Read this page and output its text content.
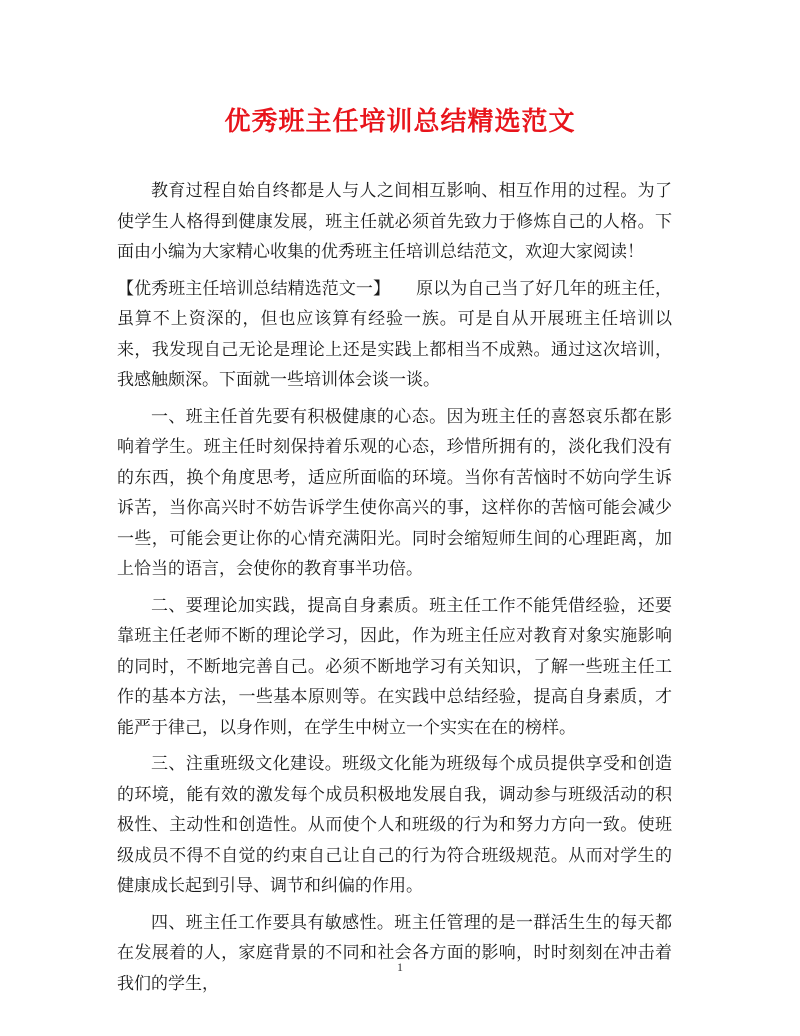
优秀班主任培训总结精选范文

教育过程自始自终都是人与人之间相互影响、相互作用的过程。为了使学生人格得到健康发展，班主任就必须首先致力于修炼自己的人格。下面由小编为大家精心收集的优秀班主任培训总结范文，欢迎大家阅读！

【优秀班主任培训总结精选范文一】 原以为自己当了好几年的班主任，虽算不上资深的，但也应该算有经验一族。可是自从开展班主任培训以来，我发现自己无论是理论上还是实践上都相当不成熟。通过这次培训，我感触颇深。下面就一些培训体会谈一谈。

一、班主任首先要有积极健康的心态。因为班主任的喜怒哀乐都在影响着学生。班主任时刻保持着乐观的心态，珍惜所拥有的，淡化我们没有的东西，换个角度思考，适应所面临的环境。当你有苦恼时不妨向学生诉诉苦，当你高兴时不妨告诉学生使你高兴的事，这样你的苦恼可能会减少一些，可能会更让你的心情充满阳光。同时会缩短师生间的心理距离，加上恰当的语言，会使你的教育事半功倍。

二、要理论加实践，提高自身素质。班主任工作不能凭借经验，还要靠班主任老师不断的理论学习，因此，作为班主任应对教育对象实施影响的同时，不断地完善自己。必须不断地学习有关知识，了解一些班主任工作的基本方法，一些基本原则等。在实践中总结经验，提高自身素质，才能严于律己，以身作则，在学生中树立一个实实在在的榜样。

三、注重班级文化建设。班级文化能为班级每个成员提供享受和创造的环境，能有效的激发每个成员积极地发展自我，调动参与班级活动的积极性、主动性和创造性。从而使个人和班级的行为和努力方向一致。使班级成员不得不自觉的约束自己让自己的行为符合班级规范。从而对学生的健康成长起到引导、调节和纠偏的作用。

四、班主任工作要具有敏感性。班主任管理的是一群活生生的每天都在发展着的人，家庭背景的不同和社会各方面的影响，时时刻刻在冲击着我们的学生，

1
